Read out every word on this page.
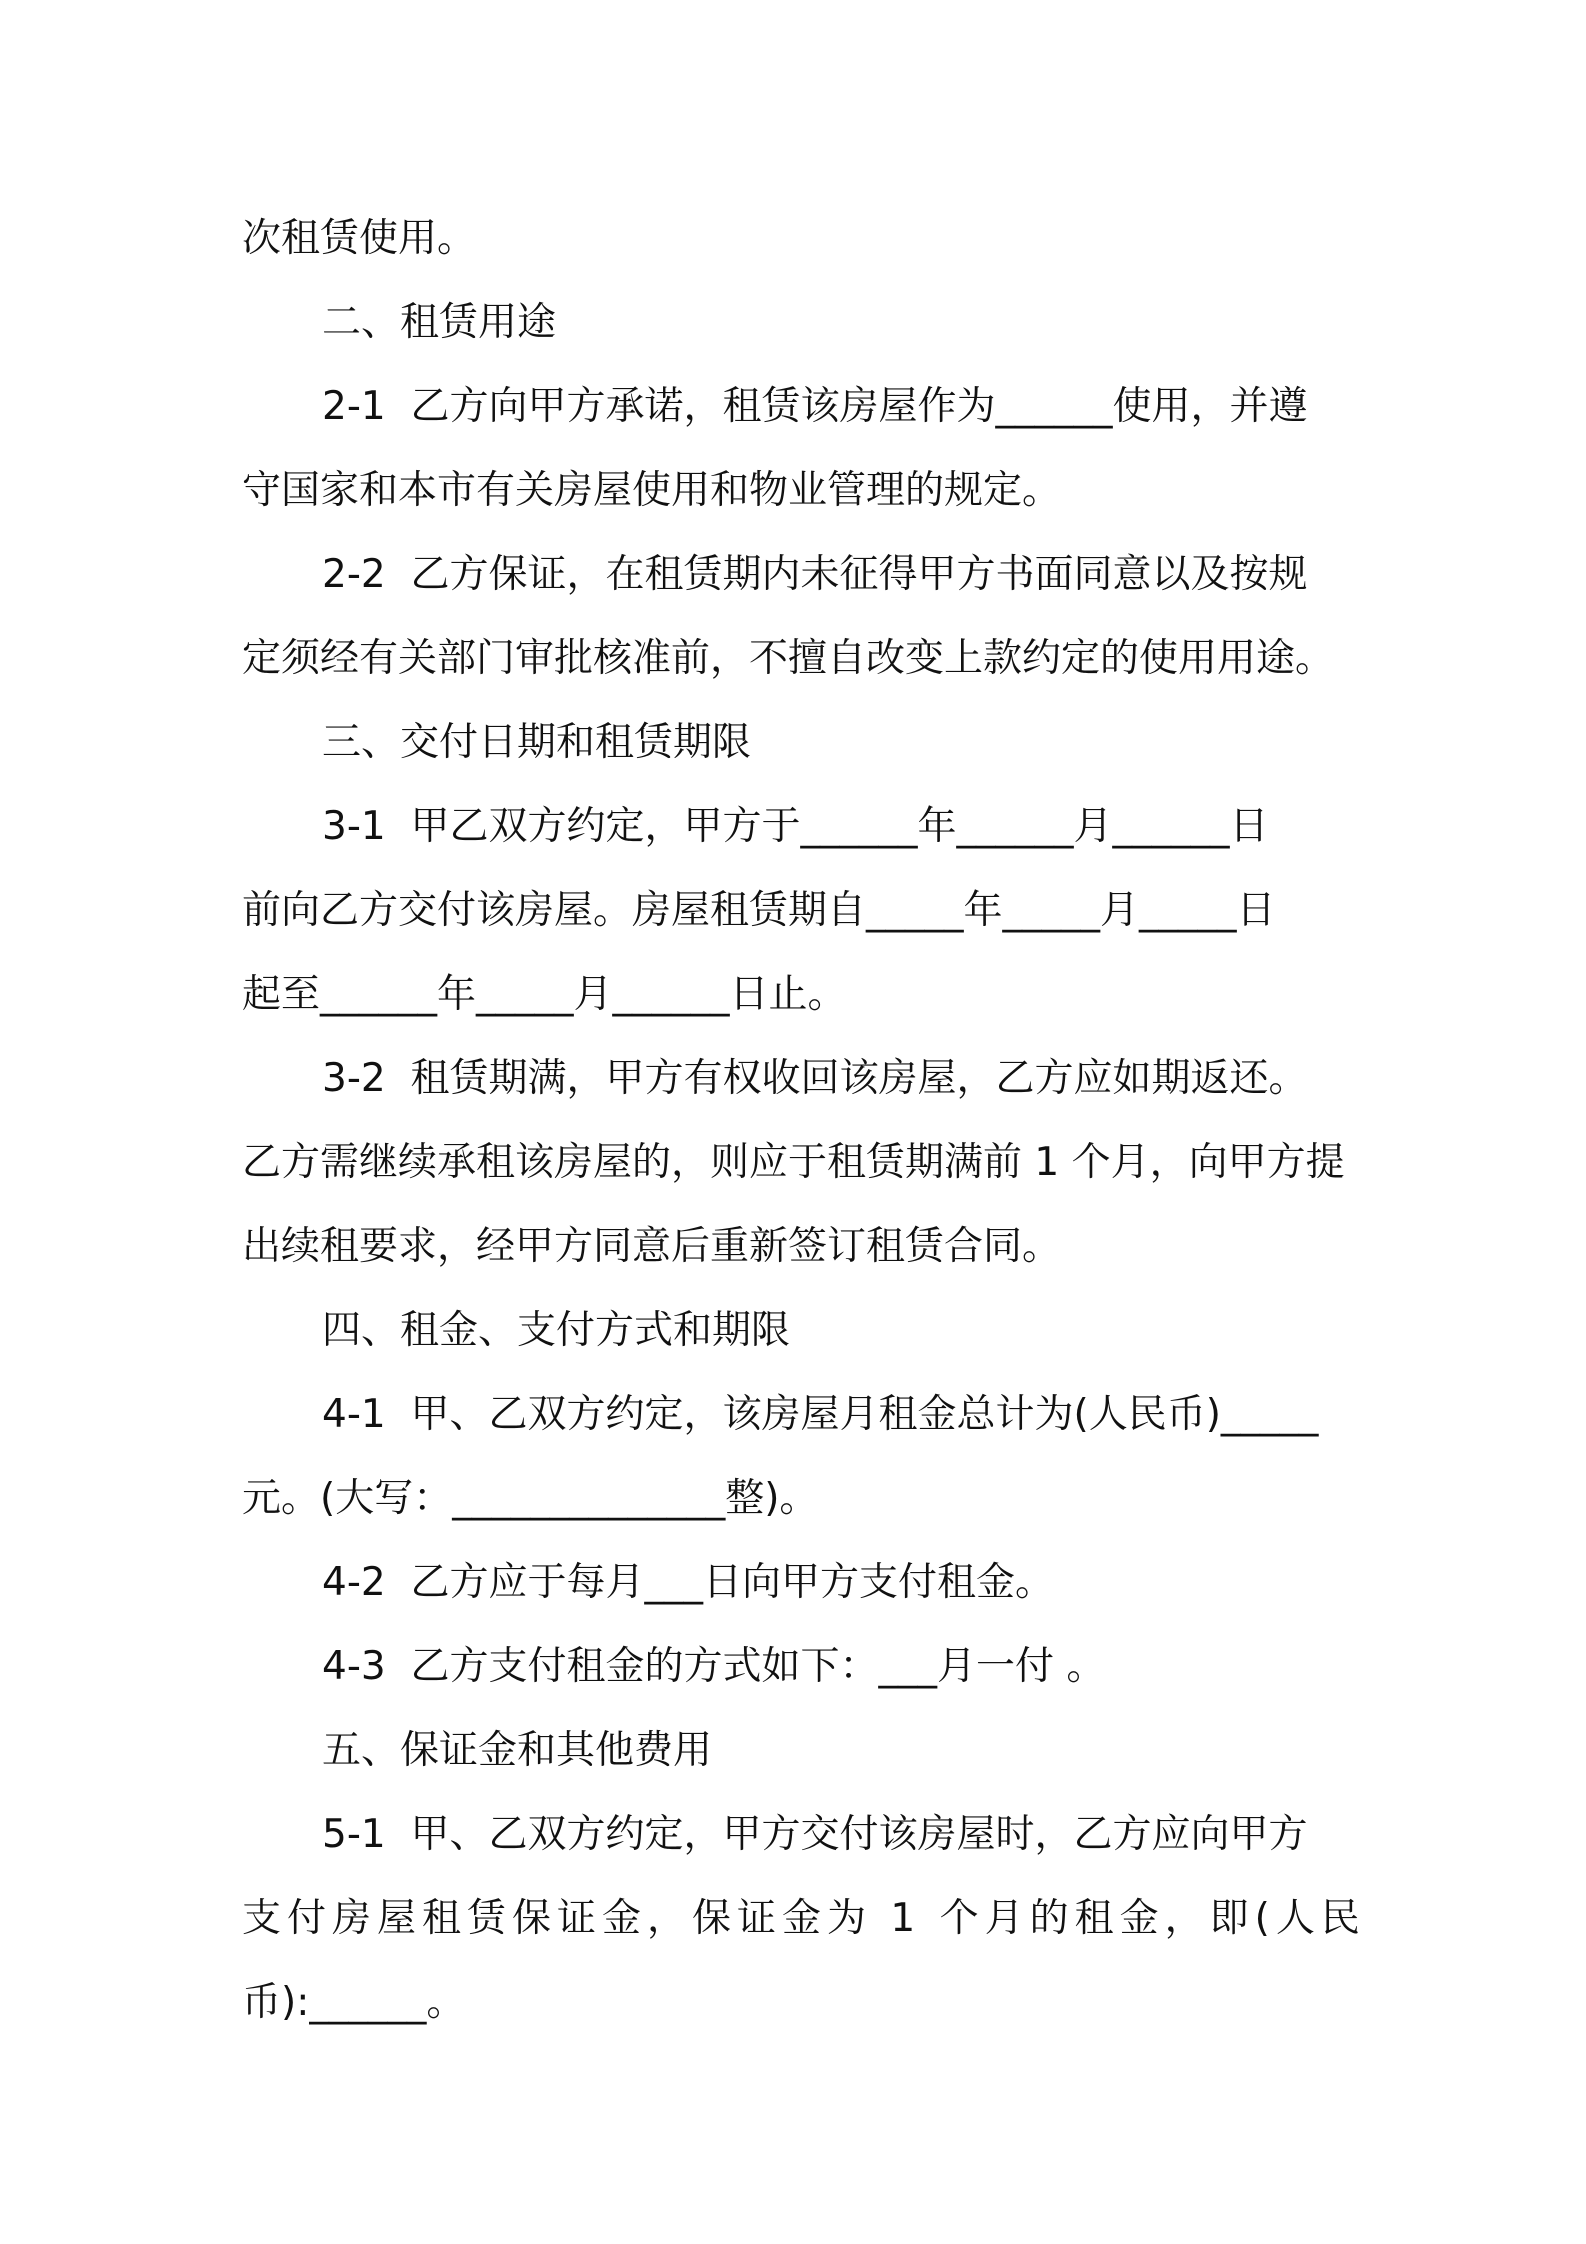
次租赁使用。
二、租赁用途
2-1  乙方向甲方承诺，租赁该房屋作为______使用，并遵
守国家和本市有关房屋使用和物业管理的规定。
2-2  乙方保证，在租赁期内未征得甲方书面同意以及按规
定须经有关部门审批核准前，不擅自改变上款约定的使用用途。
三、交付日期和租赁期限
3-1  甲乙双方约定，甲方于______年______月______日
前向乙方交付该房屋。房屋租赁期自_____年_____月_____日
起至______年_____月______日止。
3-2  租赁期满，甲方有权收回该房屋，乙方应如期返还。
乙方需继续承租该房屋的，则应于租赁期满前 1 个月，向甲方提
出续租要求，经甲方同意后重新签订租赁合同。
四、租金、支付方式和期限
4-1  甲、乙双方约定，该房屋月租金总计为(人民币)_____
元。(大写：______________整)。
4-2  乙方应于每月___日向甲方支付租金。
4-3  乙方支付租金的方式如下：___月一付 。
五、保证金和其他费用
5-1  甲、乙双方约定，甲方交付该房屋时，乙方应向甲方
支付房屋租赁保证金，保证金为 1 个月的租金，即(人民
币):______。
